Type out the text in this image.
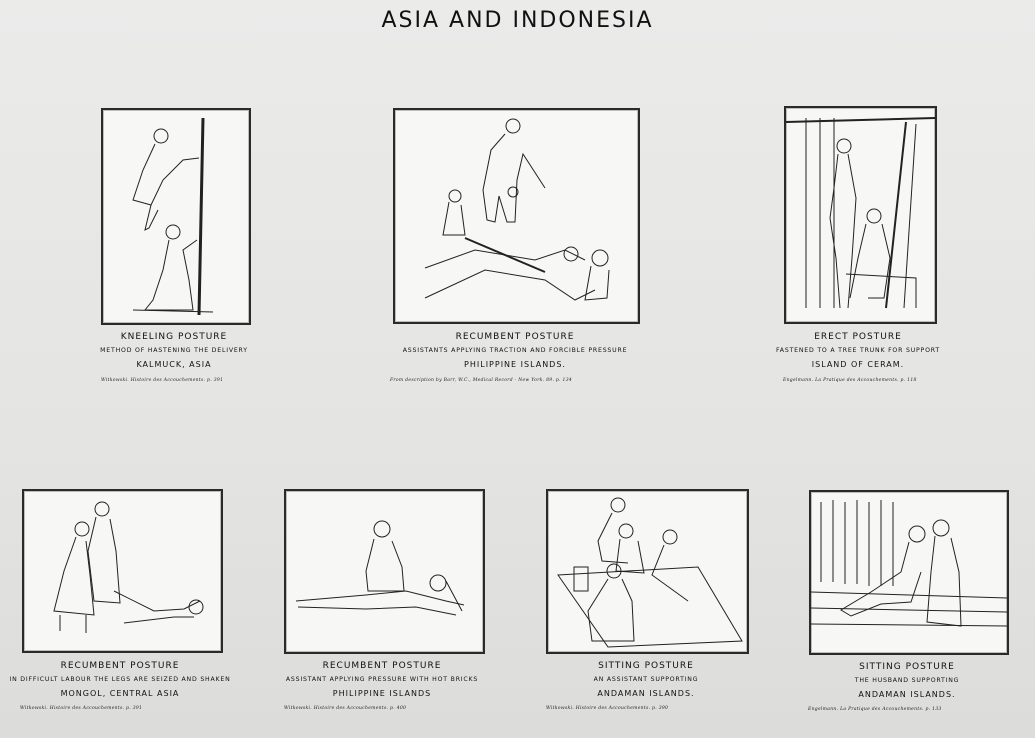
ASIA AND INDONESIA
KNEELING POSTURE
METHOD OF HASTENING THE DELIVERY
KALMUCK, ASIA
Witkowski. Histoire des Accouchements. p. 391
RECUMBENT POSTURE
ASSISTANTS APPLYING TRACTION AND FORCIBLE PRESSURE
PHILIPPINE ISLANDS.
From description by Barr, W.C., Medical Record - New York. 89. p. 134
ERECT POSTURE
FASTENED TO A TREE TRUNK FOR SUPPORT
ISLAND OF CERAM.
Engelmann. La Pratique des Accouchements. p. 118
RECUMBENT POSTURE
IN DIFFICULT LABOUR THE LEGS ARE SEIZED AND SHAKEN
MONGOL, CENTRAL ASIA
Witkowski. Histoire des Accouchements. p. 391
RECUMBENT POSTURE
ASSISTANT APPLYING PRESSURE WITH HOT BRICKS
PHILIPPINE ISLANDS
Witkowski. Histoire des Accouchements. p. 400
SITTING POSTURE
AN ASSISTANT SUPPORTING
ANDAMAN ISLANDS.
Witkowski. Histoire des Accouchements. p. 390
SITTING POSTURE
THE HUSBAND SUPPORTING
ANDAMAN ISLANDS.
Engelmann. La Pratique des Accouchements. p. 133
